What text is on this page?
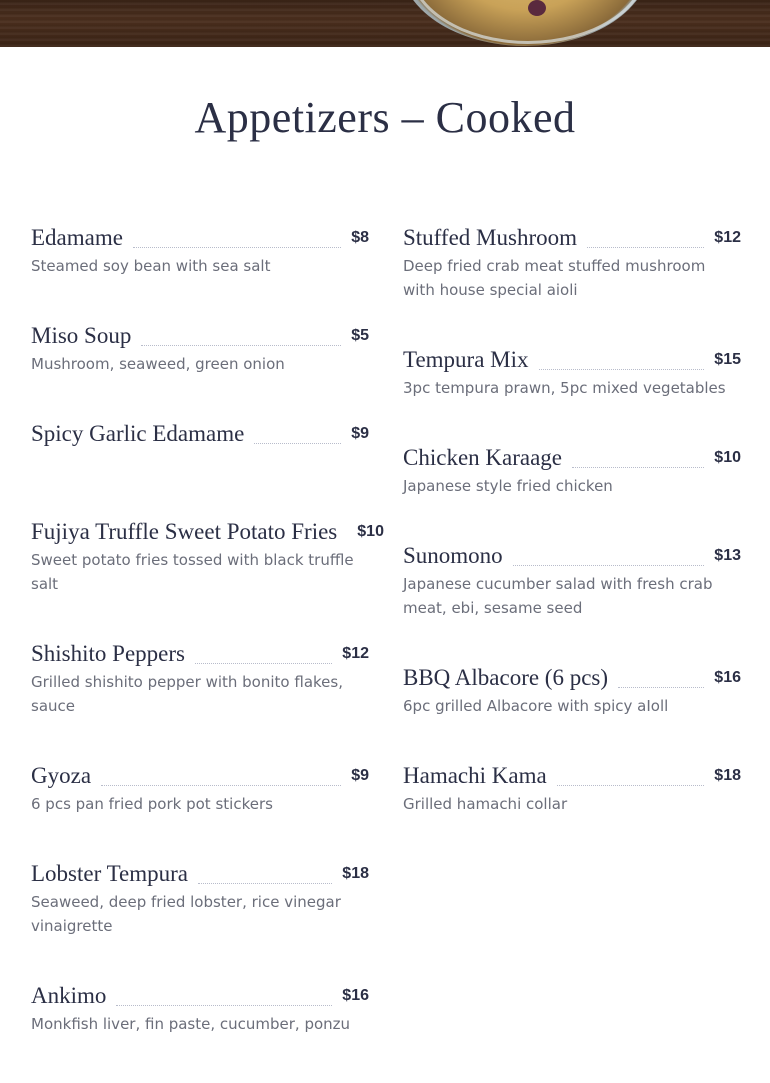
Appetizers – Cooked
Edamame	$8
Steamed soy bean with sea salt
Miso Soup	$5
Mushroom, seaweed, green onion
Spicy Garlic Edamame	$9
Fujiya Truffle Sweet Potato Fries $10
Sweet potato fries tossed with black truffle salt
Shishito Peppers	$12
Grilled shishito pepper with bonito flakes, sauce
Gyoza	$9
6 pcs pan fried pork pot stickers
Lobster Tempura	$18
Seaweed, deep fried lobster, rice vinegar vinaigrette
Ankimo	$16
Monkfish liver, fin paste, cucumber, ponzu
Stuffed Mushroom	$12
Deep fried crab meat stuffed mushroom with house special aioli
Tempura Mix	$15
3pc tempura prawn, 5pc mixed vegetables
Chicken Karaage	$10
Japanese style fried chicken
Sunomono	$13
Japanese cucumber salad with fresh crab meat, ebi, sesame seed
BBQ Albacore (6 pcs)	$16
6pc grilled Albacore with spicy aIoll
Hamachi Kama	$18
Grilled hamachi collar
